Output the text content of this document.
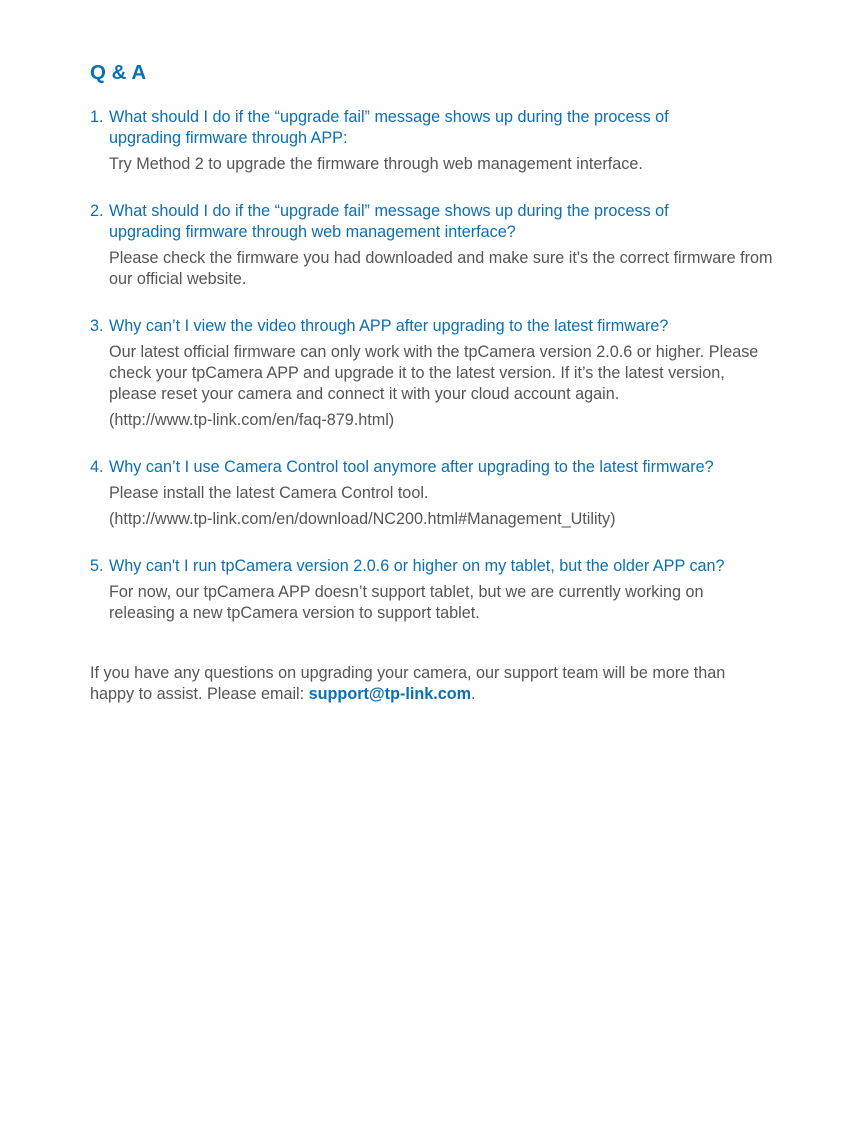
Q & A
1. What should I do if the “upgrade fail” message shows up during the process of upgrading firmware through APP:

Try Method 2 to upgrade the firmware through web management interface.

2. What should I do if the “upgrade fail” message shows up during the process of upgrading firmware through web management interface?

Please check the firmware you had downloaded and make sure it's the correct firmware from our official website.

3. Why can’t I view the video through APP after upgrading to the latest firmware?

Our latest official firmware can only work with the tpCamera version 2.0.6 or higher. Please check your tpCamera APP and upgrade it to the latest version. If it’s the latest version, please reset your camera and connect it with your cloud account again.

(http://www.tp-link.com/en/faq-879.html)

4. Why can’t I use Camera Control tool anymore after upgrading to the latest firmware?

Please install the latest Camera Control tool.

(http://www.tp-link.com/en/download/NC200.html#Management_Utility)

5. Why can't I run tpCamera version 2.0.6 or higher on my tablet, but the older APP can?

For now, our tpCamera APP doesn’t support tablet, but we are currently working on releasing a new tpCamera version to support tablet.

If you have any questions on upgrading your camera, our support team will be more than happy to assist. Please email: support@tp-link.com.
